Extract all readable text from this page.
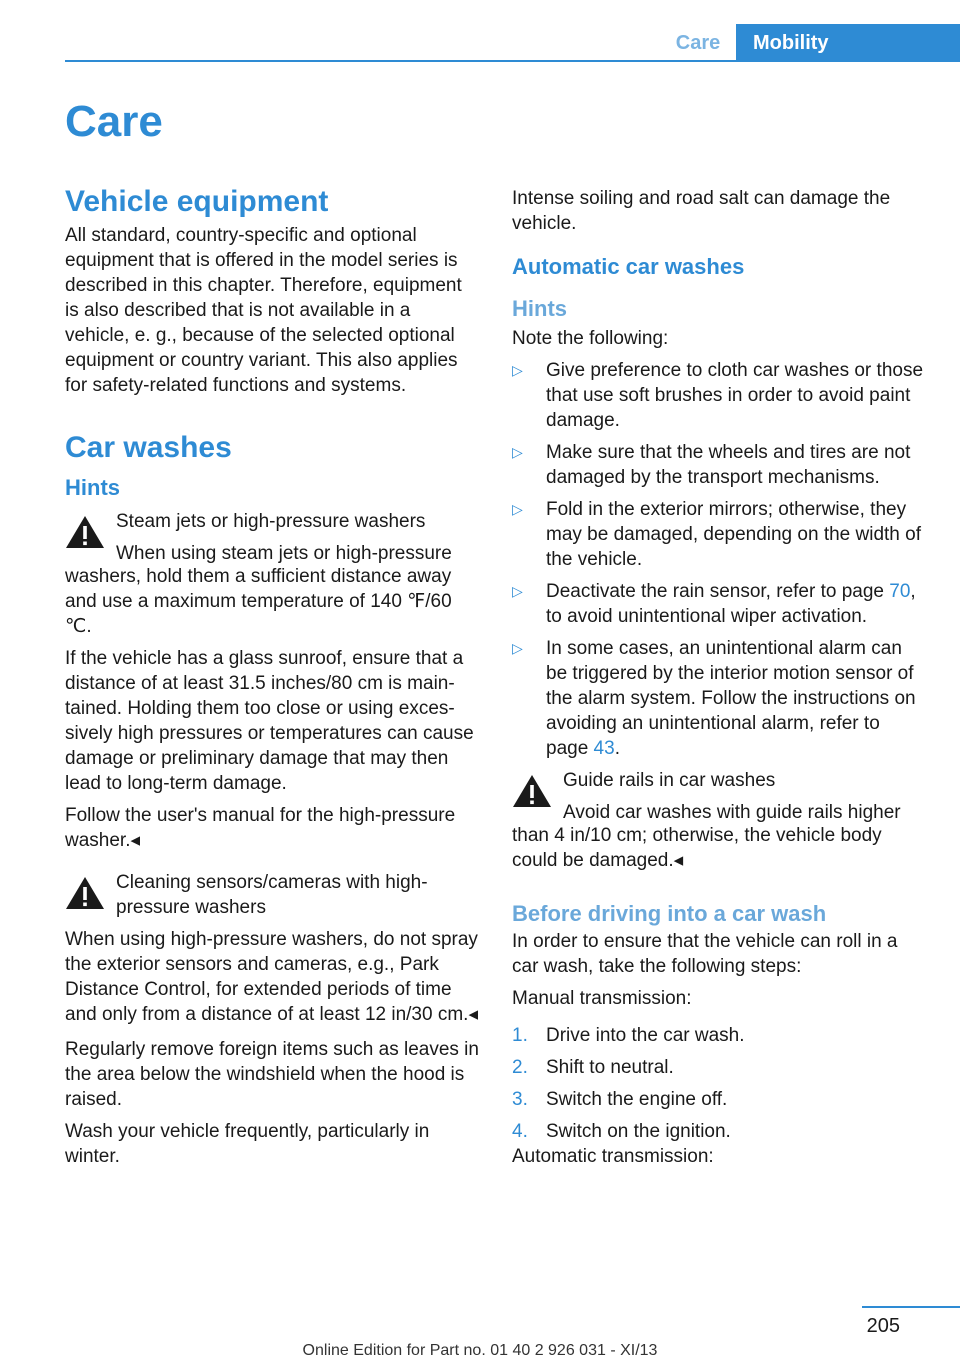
Care	Mobility
Care
Vehicle equipment

All standard, country-specific and optional equipment that is offered in the model series is described in this chapter. Therefore, equipment is also described that is not available in a vehicle, e. g., because of the selected optional equipment or country variant. This also applies for safety-related functions and systems.

Car washes
Hints
Steam jets or high-pressure washers
When using steam jets or high-pressure

washers, hold them a sufficient distance away and use a maximum temperature of 140 ℉/60 ℃.

If the vehicle has a glass sunroof, ensure that a distance of at least 31.5 inches/80 cm is maintained. Holding them too close or using excessively high pressures or temperatures can cause damage or preliminary damage that may then lead to long-term damage.

Follow the user's manual for the high-pressure washer.◂

Cleaning sensors/cameras with high-pressure washers

When using high-pressure washers, do not spray the exterior sensors and cameras, e.g., Park Distance Control, for extended periods of time and only from a distance of at least 12 in/30 cm.◂

Regularly remove foreign items such as leaves in the area below the windshield when the hood is raised.

Wash your vehicle frequently, particularly in winter.

Intense soiling and road salt can damage the vehicle.

Automatic car washes
Hints

Note the following:

▷ Give preference to cloth car washes or those that use soft brushes in order to avoid paint damage.
▷ Make sure that the wheels and tires are not damaged by the transport mechanisms.
▷ Fold in the exterior mirrors; otherwise, they may be damaged, depending on the width of the vehicle.
▷ Deactivate the rain sensor, refer to page 70, to avoid unintentional wiper activation.
▷ In some cases, an unintentional alarm can be triggered by the interior motion sensor of the alarm system. Follow the instructions on avoiding an unintentional alarm, refer to page 43.
Guide rails in car washes
Avoid car washes with guide rails higher

than 4 in/10 cm; otherwise, the vehicle body could be damaged.◂

Before driving into a car wash

In order to ensure that the vehicle can roll in a car wash, take the following steps:

Manual transmission:

1. Drive into the car wash.
2. Shift to neutral.
3. Switch the engine off.
4. Switch on the ignition.

Automatic transmission:

205
Online Edition for Part no. 01 40 2 926 031 - XI/13
